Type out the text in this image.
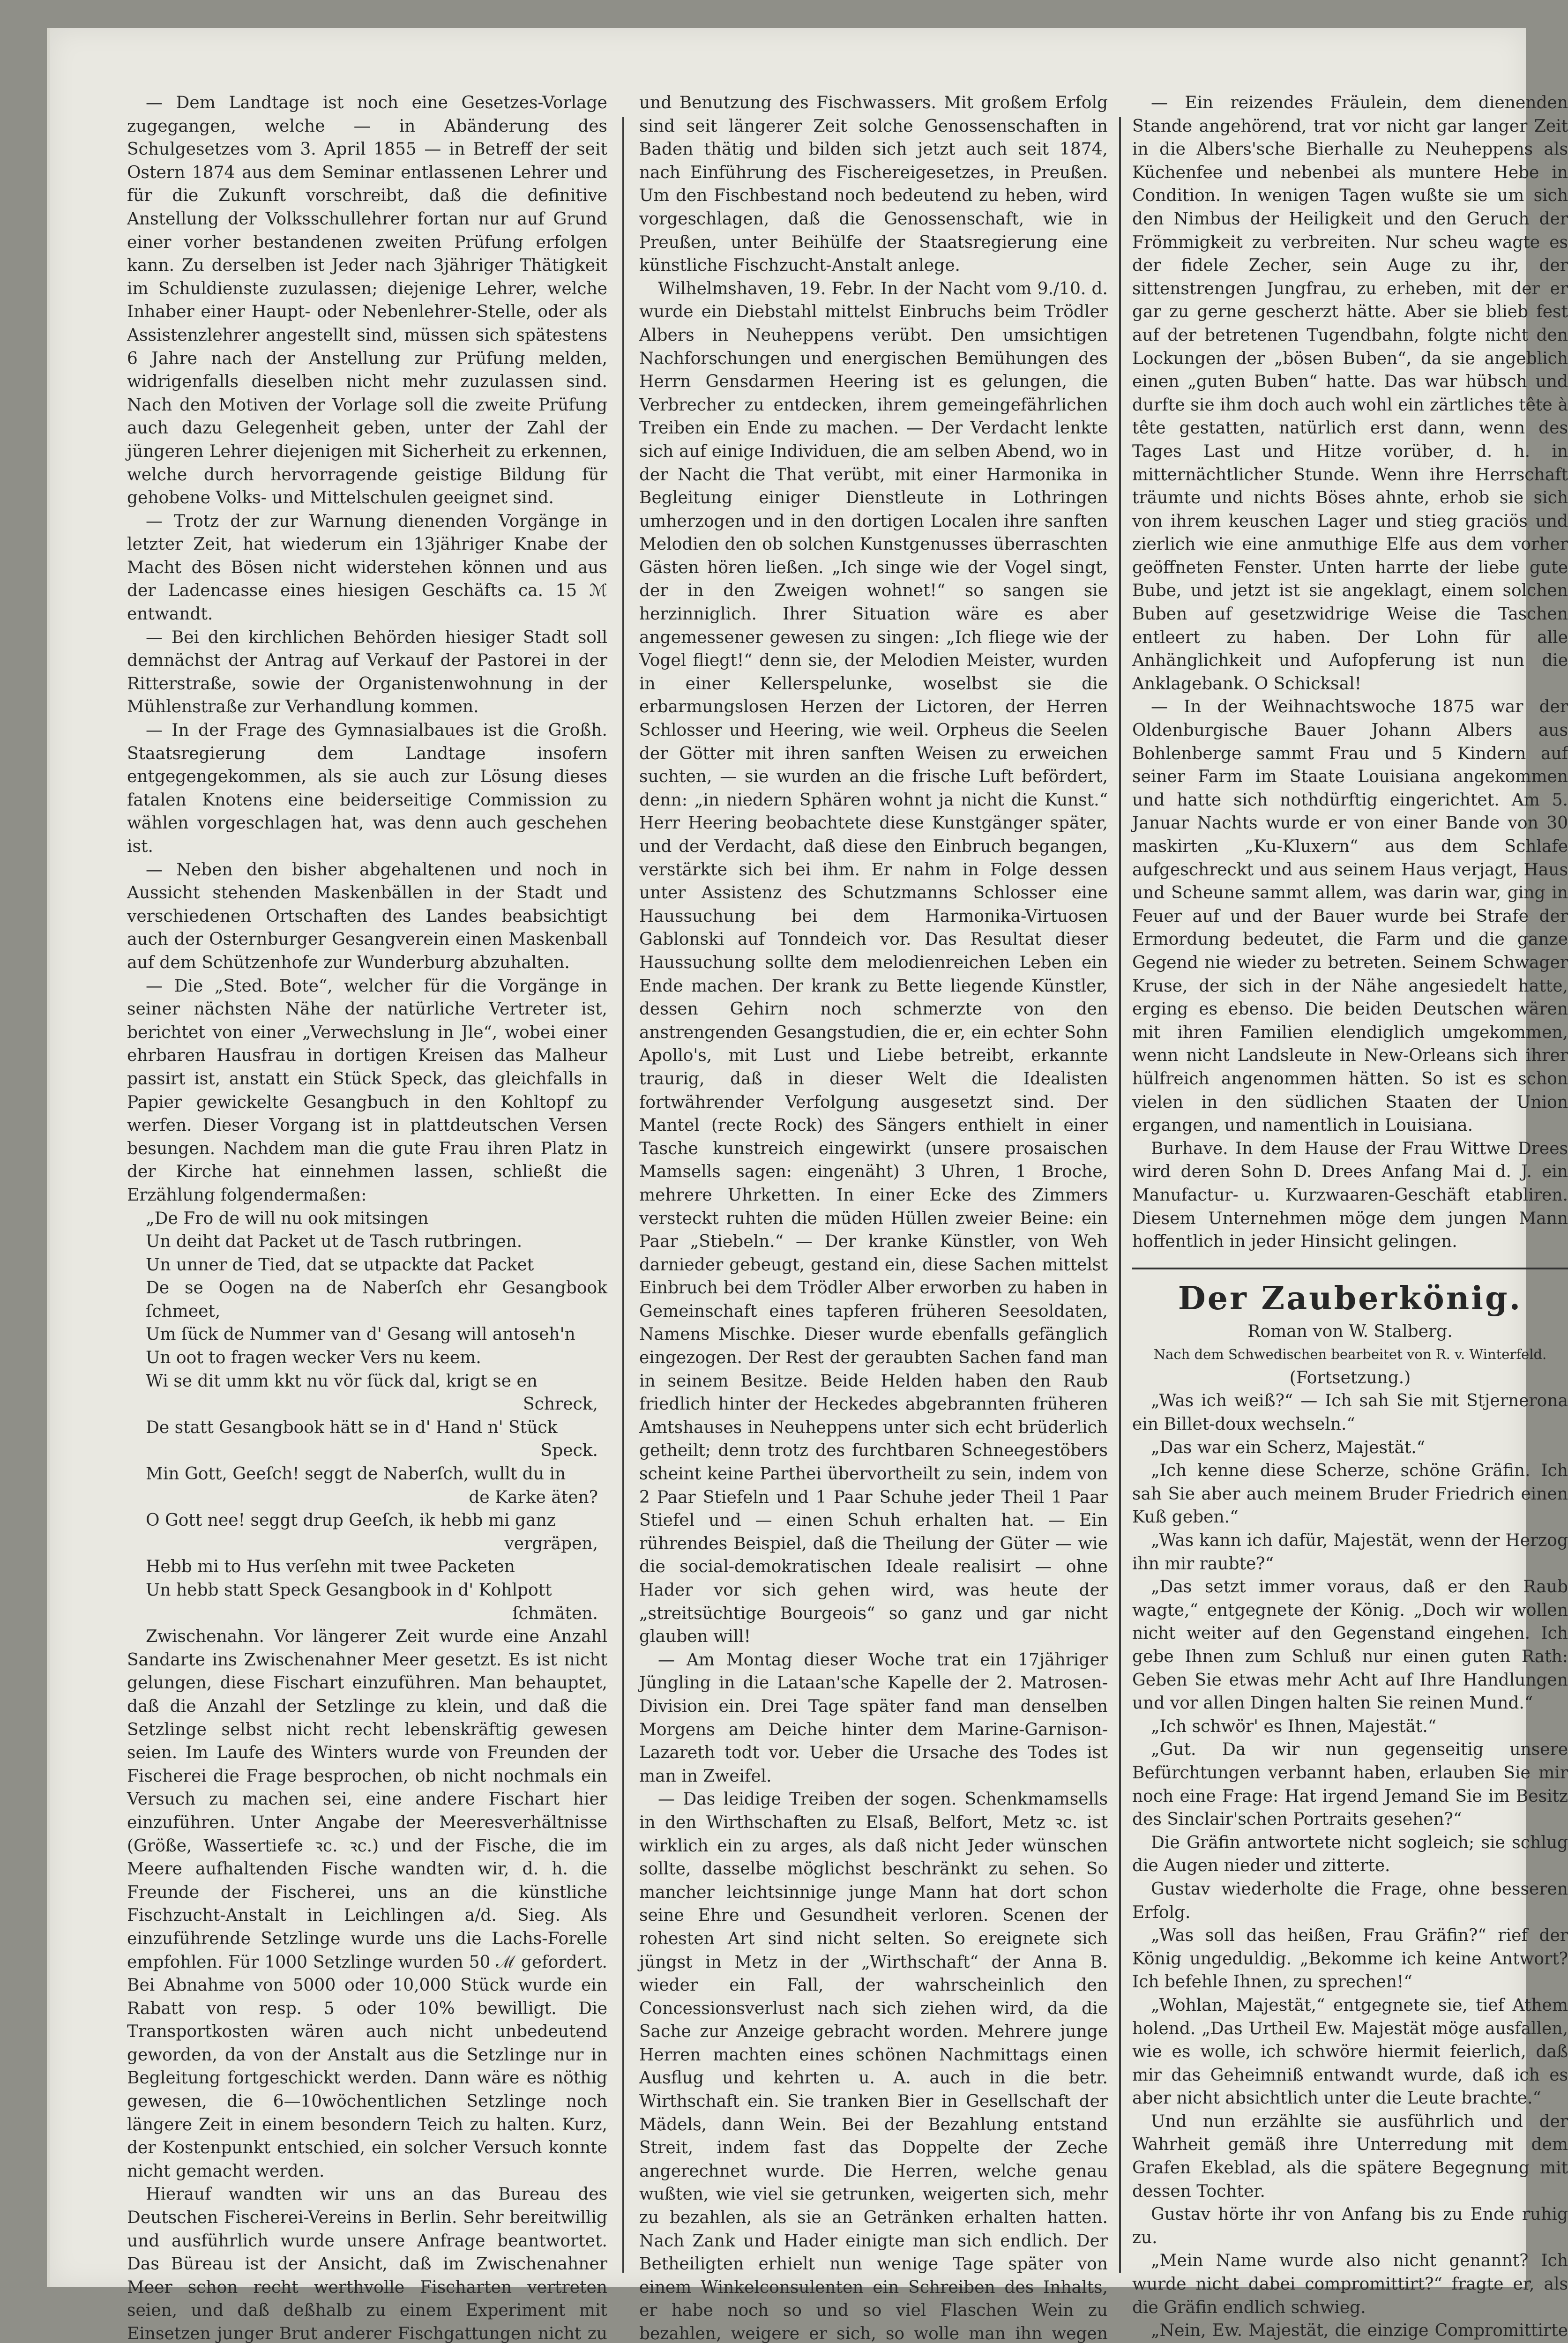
— Dem Landtage ist noch eine Gesetzes-Vorlage zugegangen, welche — in Abänderung des Schulgesetzes vom 3. April 1855 — in Betreff der seit Ostern 1874 aus dem Seminar entlassenen Lehrer und für die Zukunft vorschreibt, daß die definitive Anstellung der Volksschullehrer fortan nur auf Grund einer vorher bestandenen zweiten Prüfung erfolgen kann. Zu derselben ist Jeder nach 3jähriger Thätigkeit im Schuldienste zuzulassen; diejenige Lehrer, welche Inhaber einer Haupt- oder Nebenlehrer-Stelle, oder als Assistenzlehrer angestellt sind, müssen sich spätestens 6 Jahre nach der Anstellung zur Prüfung melden, widrigenfalls dieselben nicht mehr zuzulassen sind. Nach den Motiven der Vorlage soll die zweite Prüfung auch dazu Gelegenheit geben, unter der Zahl der jüngeren Lehrer diejenigen mit Sicherheit zu erkennen, welche durch hervorragende geistige Bildung für gehobene Volks- und Mittelschulen geeignet sind.

— Trotz der zur Warnung dienenden Vorgänge in letzter Zeit, hat wiederum ein 13jähriger Knabe der Macht des Bösen nicht widerstehen können und aus der Ladencasse eines hiesigen Geschäfts ca. 15 ℳ entwandt.

— Bei den kirchlichen Behörden hiesiger Stadt soll demnächst der Antrag auf Verkauf der Pastorei in der Ritterstraße, sowie der Organistenwohnung in der Mühlenstraße zur Verhandlung kommen.

— In der Frage des Gymnasialbaues ist die Großh. Staatsregierung dem Landtage insofern entgegengekommen, als sie auch zur Lösung dieses fatalen Knotens eine beiderseitige Commission zu wählen vorgeschlagen hat, was denn auch geschehen ist.

— Neben den bisher abgehaltenen und noch in Aussicht stehenden Maskenbällen in der Stadt und verschiedenen Ortschaften des Landes beabsichtigt auch der Osternburger Gesangverein einen Maskenball auf dem Schützenhofe zur Wunderburg abzuhalten.

— Die „Sted. Bote“, welcher für die Vorgänge in seiner nächsten Nähe der natürliche Vertreter ist, berichtet von einer „Verwechslung in Jle“, wobei einer ehrbaren Hausfrau in dortigen Kreisen das Malheur passirt ist, anstatt ein Stück Speck, das gleichfalls in Papier gewickelte Gesangbuch in den Kohltopf zu werfen. Dieser Vorgang ist in plattdeutschen Versen besungen. Nachdem man die gute Frau ihren Platz in der Kirche hat einnehmen lassen, schließt die Erzählung folgendermaßen:

„De Fro de will nu ook mitsingen

Un deiht dat Packet ut de Tasch rutbringen.

Un unner de Tied, dat se utpackte dat Packet

De se Oogen na de Naberſch ehr Gesangbook ſchmeet,

Um ſück de Nummer van d' Gesang will antoseh'n

Un oot to fragen wecker Vers nu keem.

Wi se dit umm kkt nu vör ſück dal, krigt se en

Schreck,

De statt Gesangbook hätt se in d' Hand n' Stück

Speck.

Min Gott, Geeſch! seggt de Naberſch, wullt du in

de Karke äten?

O Gott nee! seggt drup Geeſch, ik hebb mi ganz

vergräpen,

Hebb mi to Hus verſehn mit twee Packeten

Un hebb statt Speck Gesangbook in d' Kohlpott

ſchmäten.

Zwischenahn. Vor längerer Zeit wurde eine Anzahl Sandarte ins Zwischenahner Meer gesetzt. Es ist nicht gelungen, diese Fischart einzuführen. Man behauptet, daß die Anzahl der Setzlinge zu klein, und daß die Setzlinge selbst nicht recht lebenskräftig gewesen seien. Im Laufe des Winters wurde von Freunden der Fischerei die Frage besprochen, ob nicht nochmals ein Versuch zu machen sei, eine andere Fischart hier einzuführen. Unter Angabe der Meeresverhältnisse (Größe, Wassertiefe ꝛc. ꝛc.) und der Fische, die im Meere aufhaltenden Fische wandten wir, d. h. die Freunde der Fischerei, uns an die künstliche Fischzucht-Anstalt in Leichlingen a/d. Sieg. Als einzuführende Setzlinge wurde uns die Lachs-Forelle empfohlen. Für 1000 Setzlinge wurden 50 ℳ gefordert. Bei Abnahme von 5000 oder 10,000 Stück wurde ein Rabatt von resp. 5 oder 10% bewilligt. Die Transportkosten wären auch nicht unbedeutend geworden, da von der Anstalt aus die Setzlinge nur in Begleitung fortgeschickt werden. Dann wäre es nöthig gewesen, die 6—10wöchentlichen Setzlinge noch längere Zeit in einem besondern Teich zu halten. Kurz, der Kostenpunkt entschied, ein solcher Versuch konnte nicht gemacht werden.

Hierauf wandten wir uns an das Bureau des Deutschen Fischerei-Vereins in Berlin. Sehr bereitwillig und ausführlich wurde unsere Anfrage beantwortet. Das Büreau ist der Ansicht, daß im Zwischenahner Meer schon recht werthvolle Fischarten vertreten seien, und daß deßhalb zu einem Experiment mit Einsetzen junger Brut anderer Fischgattungen nicht zu

und Benutzung des Fischwassers. Mit großem Erfolg sind seit längerer Zeit solche Genossenschaften in Baden thätig und bilden sich jetzt auch seit 1874, nach Einführung des Fischereigesetzes, in Preußen. Um den Fischbestand noch bedeutend zu heben, wird vorgeschlagen, daß die Genossenschaft, wie in Preußen, unter Beihülfe der Staatsregierung eine künstliche Fischzucht-Anstalt anlege.

Wilhelmshaven, 19. Febr. In der Nacht vom 9./10. d. wurde ein Diebstahl mittelst Einbruchs beim Trödler Albers in Neuheppens verübt. Den umsichtigen Nachforschungen und energischen Bemühungen des Herrn Gensdarmen Heering ist es gelungen, die Verbrecher zu entdecken, ihrem gemeingefährlichen Treiben ein Ende zu machen. — Der Verdacht lenkte sich auf einige Individuen, die am selben Abend, wo in der Nacht die That verübt, mit einer Harmonika in Begleitung einiger Dienstleute in Lothringen umherzogen und in den dortigen Localen ihre sanften Melodien den ob solchen Kunstgenusses überraschten Gästen hören ließen. „Ich singe wie der Vogel singt, der in den Zweigen wohnet!“ so sangen sie herzinniglich. Ihrer Situation wäre es aber angemessener gewesen zu singen: „Ich fliege wie der Vogel fliegt!“ denn sie, der Melodien Meister, wurden in einer Kellerspelunke, woselbst sie die erbarmungslosen Herzen der Lictoren, der Herren Schlosser und Heering, wie weil. Orpheus die Seelen der Götter mit ihren sanften Weisen zu erweichen suchten, — sie wurden an die frische Luft befördert, denn: „in niedern Sphären wohnt ja nicht die Kunst.“ Herr Heering beobachtete diese Kunstgänger später, und der Verdacht, daß diese den Einbruch begangen, verstärkte sich bei ihm. Er nahm in Folge dessen unter Assistenz des Schutzmanns Schlosser eine Haussuchung bei dem Harmonika-Virtuosen Gablonski auf Tonndeich vor. Das Resultat dieser Haussuchung sollte dem melodienreichen Leben ein Ende machen. Der krank zu Bette liegende Künstler, dessen Gehirn noch schmerzte von den anstrengenden Gesangstudien, die er, ein echter Sohn Apollo's, mit Lust und Liebe betreibt, erkannte traurig, daß in dieser Welt die Idealisten fortwährender Verfolgung ausgesetzt sind. Der Mantel (recte Rock) des Sängers enthielt in einer Tasche kunstreich eingewirkt (unsere prosaischen Mamsells sagen: eingenäht) 3 Uhren, 1 Broche, mehrere Uhrketten. In einer Ecke des Zimmers versteckt ruhten die müden Hüllen zweier Beine: ein Paar „Stiebeln.“ — Der kranke Künstler, von Weh darnieder gebeugt, gestand ein, diese Sachen mittelst Einbruch bei dem Trödler Alber erworben zu haben in Gemeinschaft eines tapferen früheren Seesoldaten, Namens Mischke. Dieser wurde ebenfalls gefänglich eingezogen. Der Rest der geraubten Sachen fand man in seinem Besitze. Beide Helden haben den Raub friedlich hinter der Heckedes abgebrannten früheren Amtshauses in Neuheppens unter sich echt brüderlich getheilt; denn trotz des furchtbaren Schneegestöbers scheint keine Parthei übervortheilt zu sein, indem von 2 Paar Stiefeln und 1 Paar Schuhe jeder Theil 1 Paar Stiefel und — einen Schuh erhalten hat. — Ein rührendes Beispiel, daß die Theilung der Güter — wie die social-demokratischen Ideale realisirt — ohne Hader vor sich gehen wird, was heute der „streitsüchtige Bourgeois“ so ganz und gar nicht glauben will!

— Am Montag dieser Woche trat ein 17jähriger Jüngling in die Lataan'sche Kapelle der 2. Matrosen-Division ein. Drei Tage später fand man denselben Morgens am Deiche hinter dem Marine-Garnison-Lazareth todt vor. Ueber die Ursache des Todes ist man in Zweifel.

— Das leidige Treiben der sogen. Schenkmamsells in den Wirthschaften zu Elsaß, Belfort, Metz ꝛc. ist wirklich ein zu arges, als daß nicht Jeder wünschen sollte, dasselbe möglichst beschränkt zu sehen. So mancher leichtsinnige junge Mann hat dort schon seine Ehre und Gesundheit verloren. Scenen der rohesten Art sind nicht selten. So ereignete sich jüngst in Metz in der „Wirthschaft“ der Anna B. wieder ein Fall, der wahrscheinlich den Concessionsverlust nach sich ziehen wird, da die Sache zur Anzeige gebracht worden. Mehrere junge Herren machten eines schönen Nachmittags einen Ausflug und kehrten u. A. auch in die betr. Wirthschaft ein. Sie tranken Bier in Gesellschaft der Mädels, dann Wein. Bei der Bezahlung entstand Streit, indem fast das Doppelte der Zeche angerechnet wurde. Die Herren, welche genau wußten, wie viel sie getrunken, weigerten sich, mehr zu bezahlen, als sie an Getränken erhalten hatten. Nach Zank und Hader einigte man sich endlich. Der Betheiligten erhielt nun wenige Tage später von einem Winkelconsulenten ein Schreiben des Inhalts, er habe noch so und so viel Flaschen Wein zu bezahlen, weigere er sich, so wolle man ihn wegen

— Ein reizendes Fräulein, dem dienenden Stande angehörend, trat vor nicht gar langer Zeit in die Albers'sche Bierhalle zu Neuheppens als Küchenfee und nebenbei als muntere Hebe in Condition. In wenigen Tagen wußte sie um sich den Nimbus der Heiligkeit und den Geruch der Frömmigkeit zu verbreiten. Nur scheu wagte es der fidele Zecher, sein Auge zu ihr, der sittenstrengen Jungfrau, zu erheben, mit der er gar zu gerne gescherzt hätte. Aber sie blieb fest auf der betretenen Tugendbahn, folgte nicht den Lockungen der „bösen Buben“, da sie angeblich einen „guten Buben“ hatte. Das war hübsch und durfte sie ihm doch auch wohl ein zärtliches tête à tête gestatten, natürlich erst dann, wenn des Tages Last und Hitze vorüber, d. h. in mitternächtlicher Stunde. Wenn ihre Herrschaft träumte und nichts Böses ahnte, erhob sie sich von ihrem keuschen Lager und stieg graciös und zierlich wie eine anmuthige Elfe aus dem vorher geöffneten Fenster. Unten harrte der liebe gute Bube, und jetzt ist sie angeklagt, einem solchen Buben auf gesetzwidrige Weise die Taschen entleert zu haben. Der Lohn für alle Anhänglichkeit und Aufopferung ist nun die Anklagebank. O Schicksal!

— In der Weihnachtswoche 1875 war der Oldenburgische Bauer Johann Albers aus Bohlenberge sammt Frau und 5 Kindern auf seiner Farm im Staate Louisiana angekommen und hatte sich nothdürftig eingerichtet. Am 5. Januar Nachts wurde er von einer Bande von 30 maskirten „Ku-Kluxern“ aus dem Schlafe aufgeschreckt und aus seinem Haus verjagt, Haus und Scheune sammt allem, was darin war, ging in Feuer auf und der Bauer wurde bei Strafe der Ermordung bedeutet, die Farm und die ganze Gegend nie wieder zu betreten. Seinem Schwager Kruse, der sich in der Nähe angesiedelt hatte, erging es ebenso. Die beiden Deutschen wären mit ihren Familien elendiglich umgekommen, wenn nicht Landsleute in New-Orleans sich ihrer hülfreich angenommen hätten. So ist es schon vielen in den südlichen Staaten der Union ergangen, und namentlich in Louisiana.

Burhave. In dem Hause der Frau Wittwe Drees wird deren Sohn D. Drees Anfang Mai d. J. ein Manufactur- u. Kurzwaaren-Geschäft etabliren. Diesem Unternehmen möge dem jungen Mann hoffentlich in jeder Hinsicht gelingen.

Der Zauberkönig.

Roman von W. Stalberg.

Nach dem Schwedischen bearbeitet von R. v. Winterfeld.

(Fortsetzung.)

„Was ich weiß?“ — Ich sah Sie mit Stjernerona ein Billet-doux wechseln.“

„Das war ein Scherz, Majestät.“

„Ich kenne diese Scherze, schöne Gräfin. Ich sah Sie aber auch meinem Bruder Friedrich einen Kuß geben.“

„Was kann ich dafür, Majestät, wenn der Herzog ihn mir raubte?“

„Das setzt immer voraus, daß er den Raub wagte,“ entgegnete der König. „Doch wir wollen nicht weiter auf den Gegenstand eingehen. Ich gebe Ihnen zum Schluß nur einen guten Rath: Geben Sie etwas mehr Acht auf Ihre Handlungen und vor allen Dingen halten Sie reinen Mund.“

„Ich schwör' es Ihnen, Majestät.“

„Gut. Da wir nun gegenseitig unsere Befürchtungen verbannt haben, erlauben Sie mir noch eine Frage: Hat irgend Jemand Sie im Besitz des Sinclair'schen Portraits gesehen?“

Die Gräfin antwortete nicht sogleich; sie schlug die Augen nieder und zitterte.

Gustav wiederholte die Frage, ohne besseren Erfolg.

„Was soll das heißen, Frau Gräfin?“ rief der König ungeduldig. „Bekomme ich keine Antwort? Ich befehle Ihnen, zu sprechen!“

„Wohlan, Majestät,“ entgegnete sie, tief Athem holend. „Das Urtheil Ew. Majestät möge ausfallen, wie es wolle, ich schwöre hiermit feierlich, daß mir das Geheimniß entwandt wurde, daß ich es aber nicht absichtlich unter die Leute brachte.“

Und nun erzählte sie ausführlich und der Wahrheit gemäß ihre Unterredung mit dem Grafen Ekeblad, als die spätere Begegnung mit dessen Tochter.

Gustav hörte ihr von Anfang bis zu Ende ruhig zu.

„Mein Name wurde also nicht genannt? Ich wurde nicht dabei compromittirt?“ fragte er, als die Gräfin endlich schwieg.

„Nein, Ew. Majestät, die einzige Compromittirte
